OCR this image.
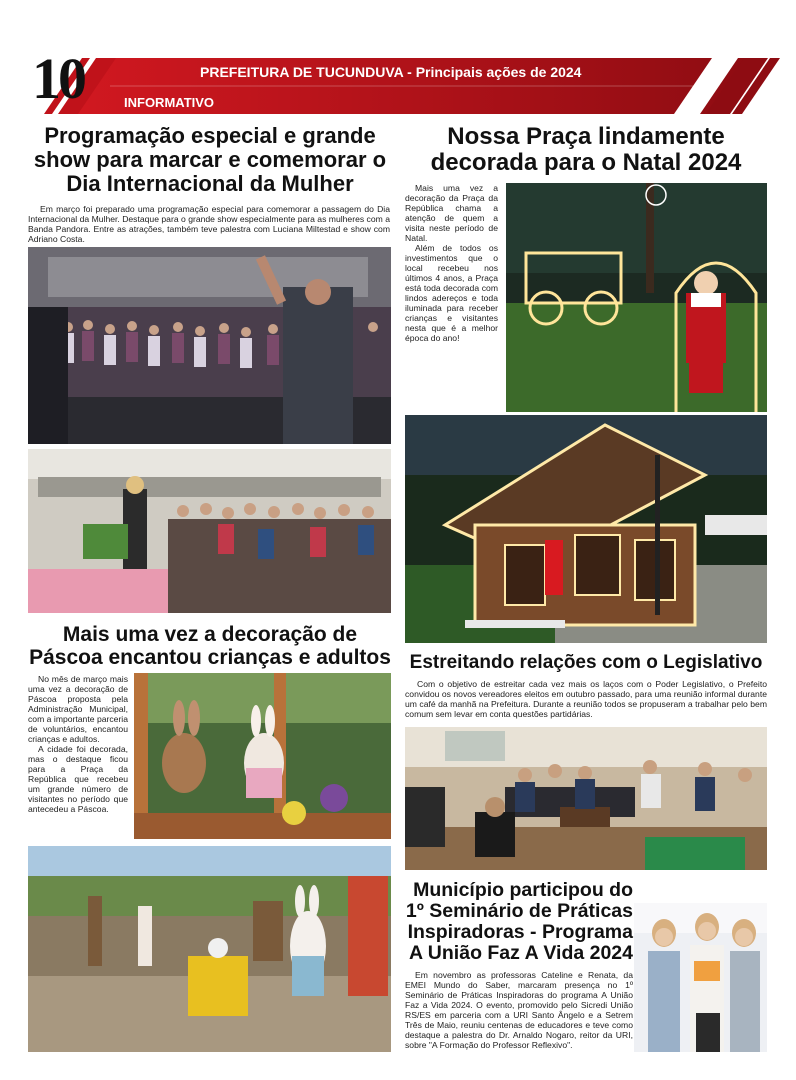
10	PREFEITURA DE TUCUNDUVA - Principais ações de 2024
INFORMATIVO
Programação especial e grande show para marcar e comemorar o Dia Internacional da Mulher
Em março foi preparado uma programação especial para comemorar a passagem do Dia Internacional da Mulher. Destaque para o grande show especialmente para as mulheres com a Banda Pandora. Entre as atrações, também teve palestra com Luciana Miltestad e show com Adriano Costa.
Nossa Praça lindamente decorada para o Natal 2024

Mais uma vez a decoração da Praça da República chama a atenção de quem a visita neste período de Natal.

Além de todos os investimentos que o local recebeu nos últimos 4 anos, a Praça está toda decorada com lindos adereços e toda iluminada para receber crianças e visitantes nesta que é a melhor época do ano!

Mais uma vez a decoração de Páscoa encantou crianças e adultos

No mês de março mais uma vez a decoração de Páscoa proposta pela Administração Municipal, com a importante parceria de voluntários, encantou crianças e adultos.

A cidade foi decorada, mas o destaque ficou para a Praça da República que recebeu um grande número de visitantes no período que antecedeu a Páscoa.

Estreitando relações com o Legislativo
Com o objetivo de estreitar cada vez mais os laços com o Poder Legislativo, o Prefeito convidou os novos vereadores eleitos em outubro passado, para uma reunião informal durante um café da manhã na Prefeitura. Durante a reunião todos se propuseram a trabalhar pelo bem comum sem levar em conta questões partidárias.
Município participou do 1º Seminário de Práticas Inspiradoras - Programa A União Faz A Vida 2024
Em novembro as professoras Cateline e Renata, da EMEI Mundo do Saber, marcaram presença no 1º Seminário de Práticas Inspiradoras do programa A União Faz a Vida 2024. O evento, promovido pelo Sicredi União RS/ES em parceria com a URI Santo Ângelo e a Setrem Três de Maio, reuniu centenas de educadores e teve como destaque a palestra do Dr. Arnaldo Nogaro, reitor da URI, sobre "A Formação do Professor Reflexivo".
